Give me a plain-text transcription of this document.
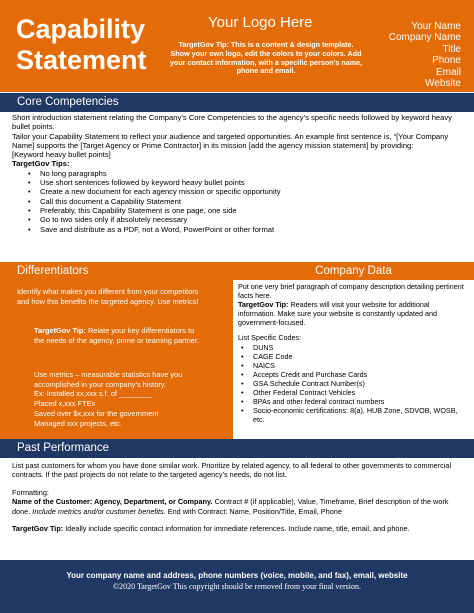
Capability
Statement
Your Logo Here
TargetGov Tip: This is a content & design template. Show your own logo, edit the colors to your colors. Add your contact information, with a specific person’s name, phone and email.
Your Name
Company Name
Title
Phone
Email
Website
Core Competencies

Short introduction statement relating the Company’s Core Competencies to the agency’s specific needs followed by keyword heavy bullet points.

Tailor your Capability Statement to reflect your audience and targeted opportunities. An example first sentence is, “[Your Company Name] supports the [Target Agency or Prime Contractor] in its mission [add the agency mission statement] by providing:

[Keyword heavy bullet points]

TargetGov Tips:

• No long paragraphs
• Use short sentences followed by keyword heavy bullet points
• Create a new document for each agency mission or specific opportunity
• Call this document a Capability Statement
• Preferably, this Capability Statement is one page, one side
• Go to two sides only if absolutely necessary
• Save and distribute as a PDF, not a Word, PowerPoint or other format
Differentiators	Company Data
Identify what makes you different from your competitors and how this benefits the targeted agency. Use metrics!
TargetGov Tip: Relate your key differentiators to the needs of the agency, prime or teaming partner.
Use metrics – measurable statistics have you accomplished in your company’s history.
Ex: Installed xx,xxx s.f. of ________
Placed x,xxx FTEs
Saved over $x,xxx for the government
Managed xxx projects, etc.
Put one very brief paragraph of company description detailing pertinent facts here.
TargetGov Tip: Readers will visit your website for additional information. Make sure your website is constantly updated and government-focused.
List Specific Codes:
• DUNS
• CAGE Code
• NAICS
• Accepts Credit and Purchase Cards
• GSA Schedule Contract Number(s)
• Other Federal Contract Vehicles
• BPAs and other federal contract numbers
• Socio-economic certifications: 8(a), HUB Zone, SDVOB, WOSB, etc.
Past Performance
List past customers for whom you have done similar work. Prioritize by related agency, to all federal to other governments to commercial contracts. If the past projects do not relate to the targeted agency’s needs, do not list.
Formatting:
Name of the Customer: Agency, Department, or Company. Contract # (if applicable), Value, Timeframe, Brief description of the work done. Include metrics and/or customer benefits. End with Contract: Name, Position/Title, Email, Phone
TargetGov Tip: Ideally include specific contact information for immediate references. Include name, title, email, and phone.
Your company name and address, phone numbers (voice, mobile, and fax), email, website
©2020 TargetGov This copyright should be removed from your final version.
